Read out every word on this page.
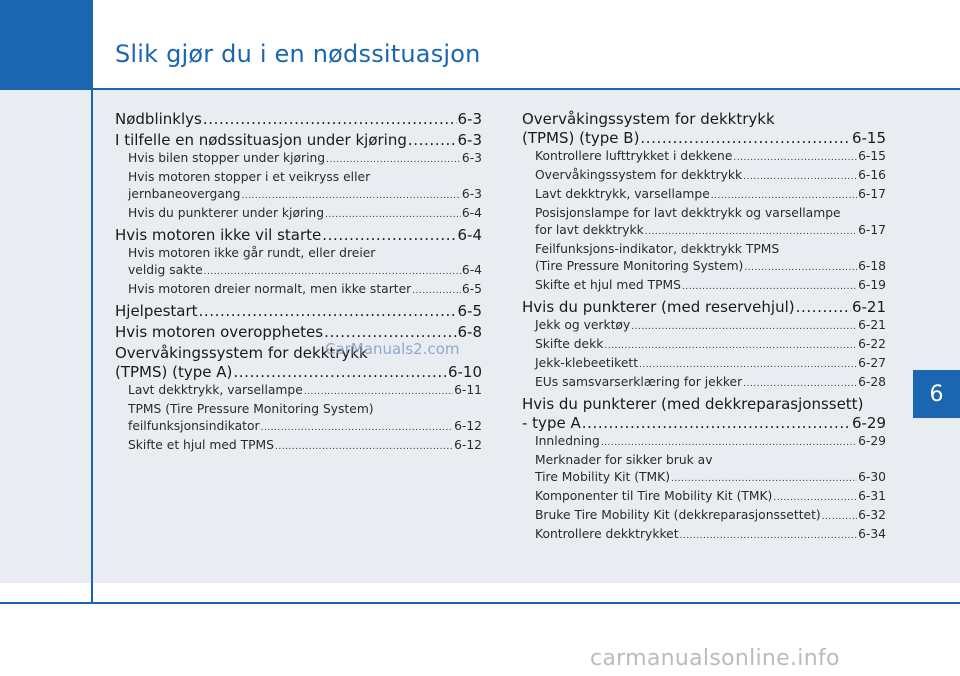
Slik gjør du i en nødssituasjon
Nødblinklys .....	6-3
I tilfelle en nødssituasjon under kjøring .....	6-3
Hvis bilen stopper under kjøring .....	6-3
Hvis motoren stopper i et veikryss eller
jernbaneovergang .....	6-3
Hvis du punkterer under kjøring .....	6-4
Hvis motoren ikke vil starte .....	6-4
Hvis motoren ikke går rundt, eller dreier
veldig sakte .....	6-4
Hvis motoren dreier normalt, men ikke starter .....	6-5
Hjelpestart .....	6-5
Hvis motoren overopphetes .....	6-8
Overvåkingssystem for dekktrykk
(TPMS) (type A) .....	6-10
Lavt dekktrykk, varsellampe .....	6-11
TPMS (Tire Pressure Monitoring System)
feilfunksjonsindikator .....	6-12
Skifte et hjul med TPMS .....	6-12
Overvåkingssystem for dekktrykk
(TPMS) (type B) .....	6-15
Kontrollere lufttrykket i dekkene .....	6-15
Overvåkingssystem for dekktrykk .....	6-16
Lavt dekktrykk, varsellampe .....	6-17
Posisjonslampe for lavt dekktrykk og varsellampe
for lavt dekktrykk .....	6-17
Feilfunksjons-indikator, dekktrykk TPMS
(Tire Pressure Monitoring System) .....	6-18
Skifte et hjul med TPMS .....	6-19
Hvis du punkterer (med reservehjul) .....	6-21
Jekk og verktøy .....	6-21
Skifte dekk .....	6-22
Jekk-klebeetikett .....	6-27
EUs samsvarserklæring for jekker .....	6-28
Hvis du punkterer (med dekkreparasjonssett)
- type A .....	6-29
Innledning .....	6-29
Merknader for sikker bruk av
Tire Mobility Kit (TMK) .....	6-30
Komponenter til Tire Mobility Kit (TMK) .....	6-31
Bruke Tire Mobility Kit (dekkreparasjonssettet) .....	6-32
Kontrollere dekktrykket .....	6-34
6
CarManuals2.com
carmanualsonline.info
